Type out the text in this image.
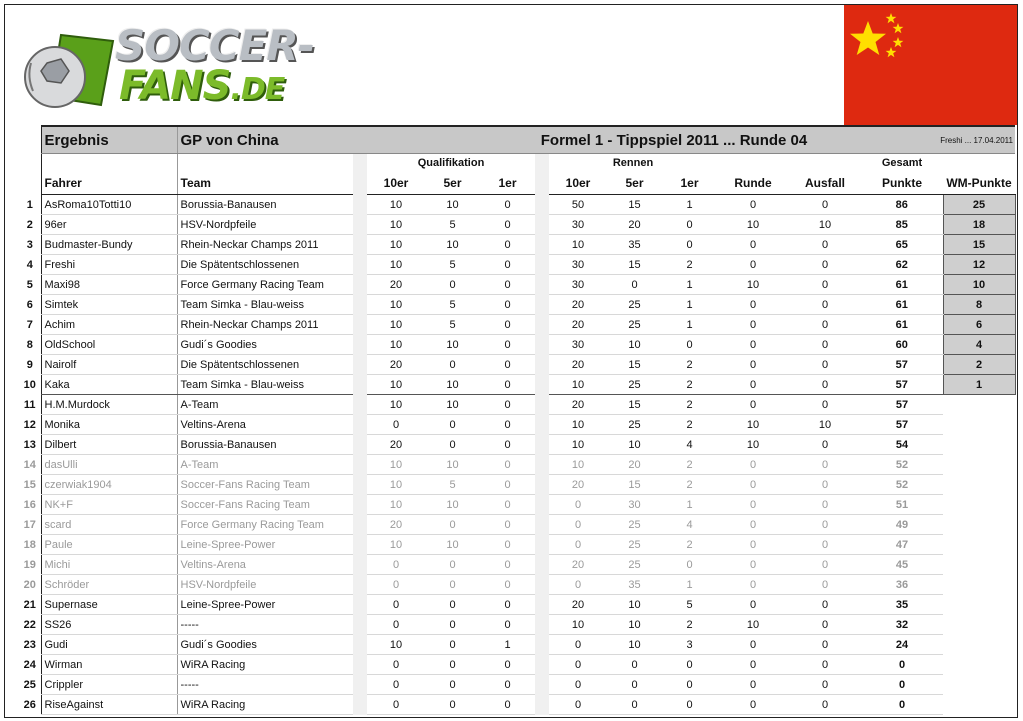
SOCCER-
FANS.DE
	Ergebnis	GP von China		Formel 1 - Tippspiel 2011 ... Runde 04									Freshi ... 17.04.2011	
				Qualifikation				Rennen					Gesamt	
	Fahrer	Team		10er	5er	1er		10er	5er	1er	Runde	Ausfall	Punkte	WM-Punkte
1	AsRoma10Totti10	Borussia-Banausen		10	10	0		50	15	1	0	0	86	25
2	96er	HSV-Nordpfeile		10	5	0		30	20	0	10	10	85	18
3	Budmaster-Bundy	Rhein-Neckar Champs 2011		10	10	0		10	35	0	0	0	65	15
4	Freshi	Die Spätentschlossenen		10	5	0		30	15	2	0	0	62	12
5	Maxi98	Force Germany Racing Team		20	0	0		30	0	1	10	0	61	10
6	Simtek	Team Simka - Blau-weiss		10	5	0		20	25	1	0	0	61	8
7	Achim	Rhein-Neckar Champs 2011		10	5	0		20	25	1	0	0	61	6
8	OldSchool	Gudi´s Goodies		10	10	0		30	10	0	0	0	60	4
9	Nairolf	Die Spätentschlossenen		20	0	0		20	15	2	0	0	57	2
10	Kaka	Team Simka - Blau-weiss		10	10	0		10	25	2	0	0	57	1
11	H.M.Murdock	A-Team		10	10	0		20	15	2	0	0	57	
12	Monika	Veltins-Arena		0	0	0		10	25	2	10	10	57	
13	Dilbert	Borussia-Banausen		20	0	0		10	10	4	10	0	54	
14	dasUlli	A-Team		10	10	0		10	20	2	0	0	52	
15	czerwiak1904	Soccer-Fans Racing Team		10	5	0		20	15	2	0	0	52	
16	NK+F	Soccer-Fans Racing Team		10	10	0		0	30	1	0	0	51	
17	scard	Force Germany Racing Team		20	0	0		0	25	4	0	0	49	
18	Paule	Leine-Spree-Power		10	10	0		0	25	2	0	0	47	
19	Michi	Veltins-Arena		0	0	0		20	25	0	0	0	45	
20	Schröder	HSV-Nordpfeile		0	0	0		0	35	1	0	0	36	
21	Supernase	Leine-Spree-Power		0	0	0		20	10	5	0	0	35	
22	SS26	-----		0	0	0		10	10	2	10	0	32	
23	Gudi	Gudi´s Goodies		10	0	1		0	10	3	0	0	24	
24	Wirman	WiRA Racing		0	0	0		0	0	0	0	0	0	
25	Crippler	-----		0	0	0		0	0	0	0	0	0	
26	RiseAgainst	WiRA Racing		0	0	0		0	0	0	0	0	0	
